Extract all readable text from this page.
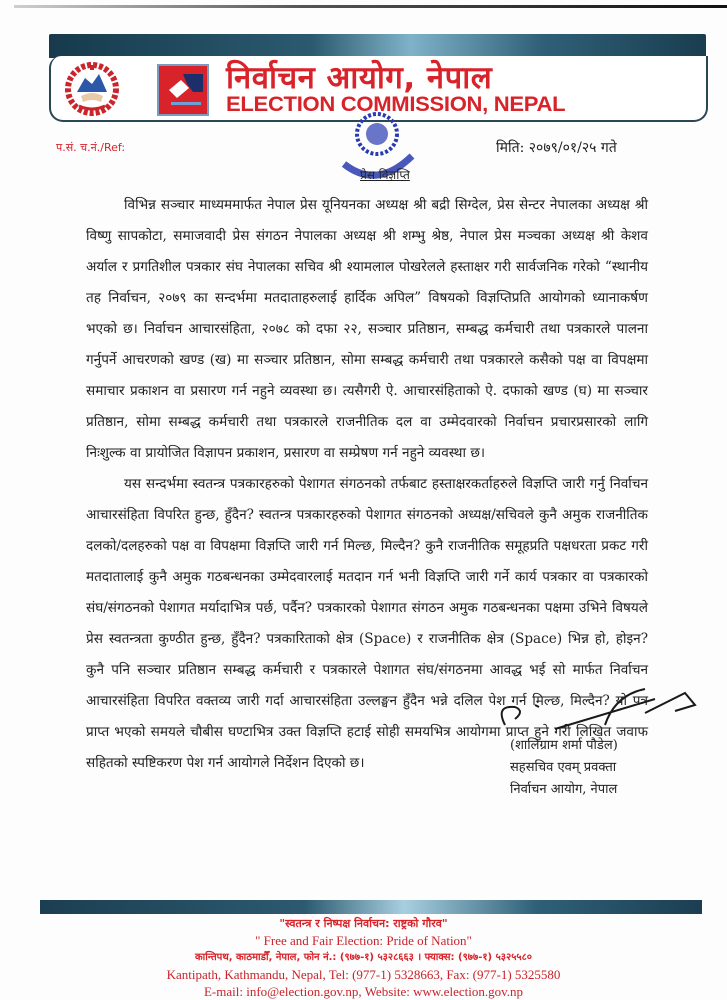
निर्वाचन आयोग, नेपाल
ELECTION COMMISSION, NEPAL
प.सं. च.नं./Ref:	मिति: २०७९/०१/२५ गते
प्रेस विज्ञप्ति

विभिन्न सञ्चार माध्यममार्फत नेपाल प्रेस यूनियनका अध्यक्ष श्री बद्री सिग्देल, प्रेस सेन्टर नेपालका अध्यक्ष श्री विष्णु सापकोटा, समाजवादी प्रेस संगठन नेपालका अध्यक्ष श्री शम्भु श्रेष्ठ, नेपाल प्रेस मञ्चका अध्यक्ष श्री केशव अर्याल र प्रगतिशील पत्रकार संघ नेपालका सचिव श्री श्यामलाल पोखरेलले हस्ताक्षर गरी सार्वजनिक गरेको “स्थानीय तह निर्वाचन, २०७९ का सन्दर्भमा मतदाताहरुलाई हार्दिक अपिल” विषयको विज्ञप्तिप्रति आयोगको ध्यानाकर्षण भएको छ। निर्वाचन आचारसंहिता, २०७८ को दफा २२, सञ्चार प्रतिष्ठान, सम्बद्ध कर्मचारी तथा पत्रकारले पालना गर्नुपर्ने आचरणको खण्ड (ख) मा सञ्चार प्रतिष्ठान, सोमा सम्बद्ध कर्मचारी तथा पत्रकारले कसैको पक्ष वा विपक्षमा समाचार प्रकाशन वा प्रसारण गर्न नहुने व्यवस्था छ। त्यसैगरी ऐ. आचारसंहिताको ऐ. दफाको खण्ड (घ) मा सञ्चार प्रतिष्ठान, सोमा सम्बद्ध कर्मचारी तथा पत्रकारले राजनीतिक दल वा उम्मेदवारको निर्वाचन प्रचारप्रसारको लागि निःशुल्क वा प्रायोजित विज्ञापन प्रकाशन, प्रसारण वा सम्प्रेषण गर्न नहुने व्यवस्था छ।

यस सन्दर्भमा स्वतन्त्र पत्रकारहरुको पेशागत संगठनको तर्फबाट हस्ताक्षरकर्ताहरुले विज्ञप्ति जारी गर्नु निर्वाचन आचारसंहिता विपरित हुन्छ, हुँदैन? स्वतन्त्र पत्रकारहरुको पेशागत संगठनको अध्यक्ष/सचिवले कुनै अमुक राजनीतिक दलको/दलहरुको पक्ष वा विपक्षमा विज्ञप्ति जारी गर्न मिल्छ, मिल्दैन? कुनै राजनीतिक समूहप्रति पक्षधरता प्रकट गरी मतदातालाई कुनै अमुक गठबन्धनका उम्मेदवारलाई मतदान गर्न भनी विज्ञप्ति जारी गर्ने कार्य पत्रकार वा पत्रकारको संघ/संगठनको पेशागत मर्यादाभित्र पर्छ, पर्दैन? पत्रकारको पेशागत संगठन अमुक गठबन्धनका पक्षमा उभिने विषयले प्रेस स्वतन्त्रता कुण्ठीत हुन्छ, हुँदैन? पत्रकारिताको क्षेत्र (Space) र राजनीतिक क्षेत्र (Space) भिन्न हो, होइन? कुनै पनि सञ्चार प्रतिष्ठान सम्बद्ध कर्मचारी र पत्रकारले पेशागत संघ/संगठनमा आवद्ध भई सो मार्फत निर्वाचन आचारसंहिता विपरित वक्तव्य जारी गर्दा आचारसंहिता उल्लङ्घन हुँदैन भन्ने दलिल पेश गर्न मिल्छ, मिल्दैन? यो पत्र प्राप्त भएको समयले चौबीस घण्टाभित्र उक्त विज्ञप्ति हटाई सोही समयभित्र आयोगमा प्राप्त हुने गरी लिखित जवाफ सहितको स्पष्टिकरण पेश गर्न आयोगले निर्देशन दिएको छ।

(शालिग्राम शर्मा पौडेल)
सहसचिव एवम् प्रवक्ता
निर्वाचन आयोग, नेपाल
"स्वतन्त्र र निष्पक्ष निर्वाचन: राष्ट्रको गौरव"
" Free and Fair Election: Pride of Nation"
कान्तिपथ, काठमाडौँ, नेपाल, फोन नं.: (९७७-१) ५३२८६६३ । फ्याक्स: (९७७-१) ५३२५५८०
Kantipath, Kathmandu, Nepal, Tel: (977-1) 5328663, Fax: (977-1) 5325580
E-mail: info@election.gov.np, Website: www.election.gov.np
